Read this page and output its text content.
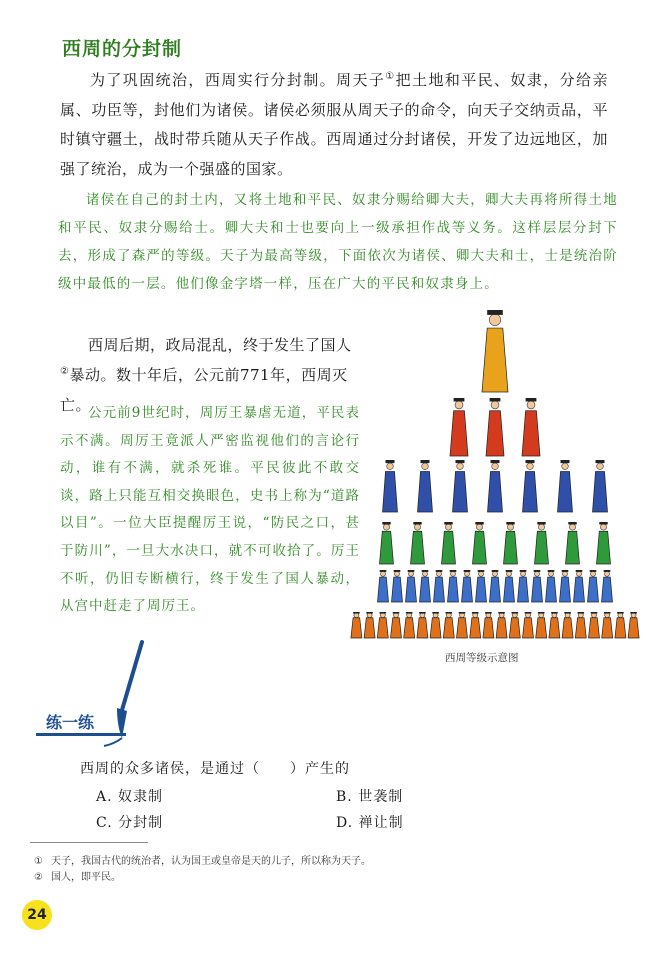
西周的分封制

为了巩固统治，西周实行分封制。周天子①把土地和平民、奴隶，分给亲属、功臣等，封他们为诸侯。诸侯必须服从周天子的命令，向天子交纳贡品，平时镇守疆土，战时带兵随从天子作战。西周通过分封诸侯，开发了边远地区，加强了统治，成为一个强盛的国家。

诸侯在自己的封土内，又将土地和平民、奴隶分赐给卿大夫，卿大夫再将所得土地和平民、奴隶分赐给士。卿大夫和士也要向上一级承担作战等义务。这样层层分封下去，形成了森严的等级。天子为最高等级，下面依次为诸侯、卿大夫和士，士是统治阶级中最低的一层。他们像金字塔一样，压在广大的平民和奴隶身上。

西周后期，政局混乱，终于发生了国人②暴动。数十年后，公元前771年，西周灭亡。

公元前9世纪时，周厉王暴虐无道，平民表示不满。周厉王竟派人严密监视他们的言论行动，谁有不满，就杀死谁。平民彼此不敢交谈，路上只能互相交换眼色，史书上称为“道路以目”。一位大臣提醒厉王说，“防民之口，甚于防川”，一旦大水决口，就不可收拾了。厉王不听，仍旧专断横行，终于发生了国人暴动，从宫中赶走了周厉王。

西周等级示意图

练一练

西周的众多诸侯，是通过（　　）产生的

A. 奴隶制	B. 世袭制
C. 分封制	D. 禅让制
① 天子，我国古代的统治者，认为国王或皇帝是天的儿子，所以称为天子。
② 国人，即平民。
24
